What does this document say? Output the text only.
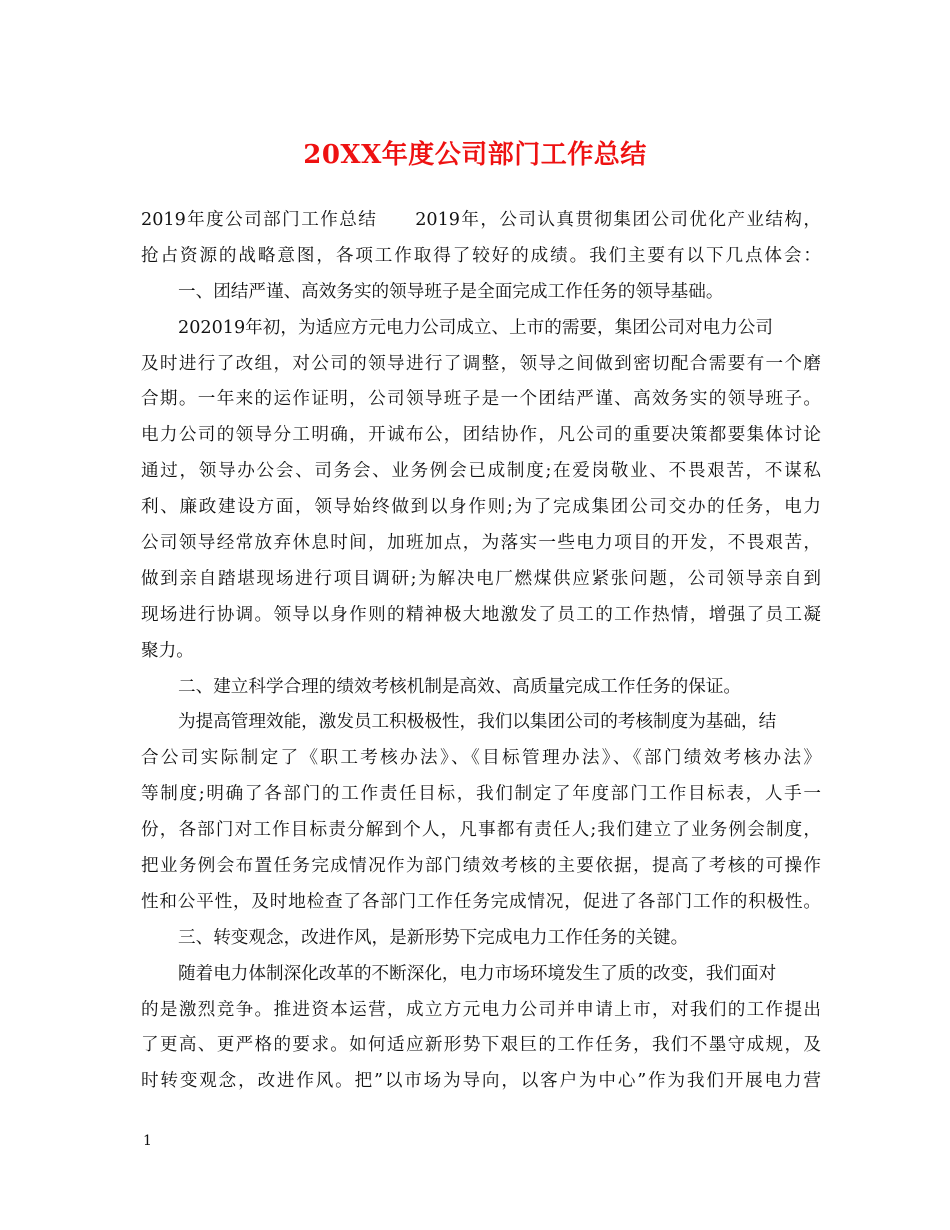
20XX年度公司部门工作总结
2019年度公司部门工作总结　　2019年，公司认真贯彻集团公司优化产业结构，
抢占资源的战略意图，各项工作取得了较好的成绩。我们主要有以下几点体会：
一、团结严谨、高效务实的领导班子是全面完成工作任务的领导基础。
202019年初，为适应方元电力公司成立、上市的需要，集团公司对电力公司
及时进行了改组，对公司的领导进行了调整，领导之间做到密切配合需要有一个磨
合期。一年来的运作证明，公司领导班子是一个团结严谨、高效务实的领导班子。
电力公司的领导分工明确，开诚布公，团结协作，凡公司的重要决策都要集体讨论
通过，领导办公会、司务会、业务例会已成制度;在爱岗敬业、不畏艰苦，不谋私
利、廉政建设方面，领导始终做到以身作则;为了完成集团公司交办的任务，电力
公司领导经常放弃休息时间，加班加点，为落实一些电力项目的开发，不畏艰苦，
做到亲自踏堪现场进行项目调研;为解决电厂燃煤供应紧张问题，公司领导亲自到
现场进行协调。领导以身作则的精神极大地激发了员工的工作热情，增强了员工凝
聚力。
二、建立科学合理的绩效考核机制是高效、高质量完成工作任务的保证。
为提高管理效能，激发员工积极极性，我们以集团公司的考核制度为基础，结
合公司实际制定了《职工考核办法》、《目标管理办法》、《部门绩效考核办法》
等制度;明确了各部门的工作责任目标，我们制定了年度部门工作目标表，人手一
份，各部门对工作目标责分解到个人，凡事都有责任人;我们建立了业务例会制度，
把业务例会布置任务完成情况作为部门绩效考核的主要依据，提高了考核的可操作
性和公平性，及时地检查了各部门工作任务完成情况，促进了各部门工作的积极性。
三、转变观念，改进作风，是新形势下完成电力工作任务的关键。
随着电力体制深化改革的不断深化，电力市场环境发生了质的改变，我们面对
的是激烈竞争。推进资本运营，成立方元电力公司并申请上市，对我们的工作提出
了更高、更严格的要求。如何适应新形势下艰巨的工作任务，我们不墨守成规，及
时转变观念，改进作风。把”以市场为导向，以客户为中心”作为我们开展电力营
1
